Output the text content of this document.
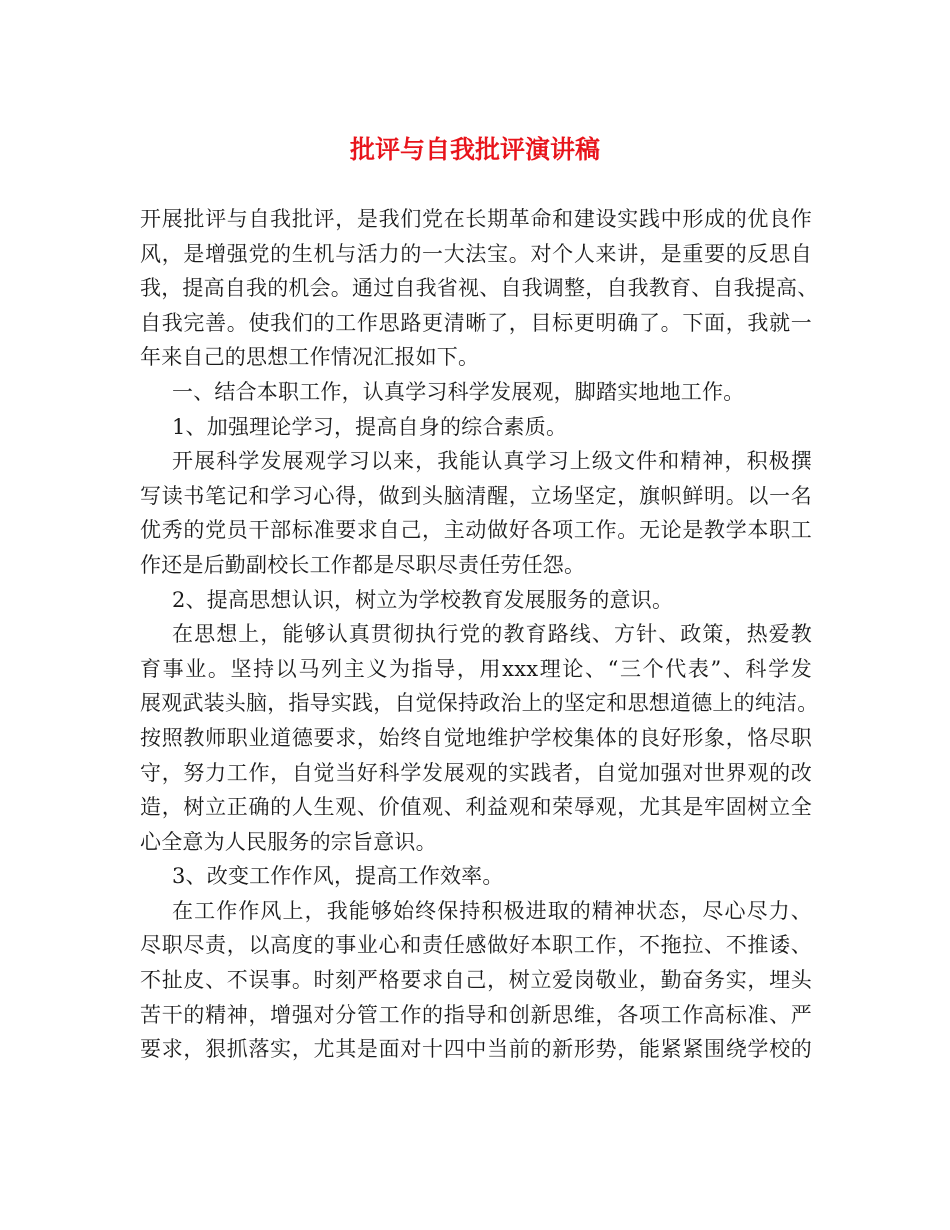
批评与自我批评演讲稿
开展批评与自我批评，是我们党在长期革命和建设实践中形成的优良作
风，是增强党的生机与活力的一大法宝。对个人来讲，是重要的反思自
我，提高自我的机会。通过自我省视、自我调整，自我教育、自我提高、
自我完善。使我们的工作思路更清晰了，目标更明确了。下面，我就一
年来自己的思想工作情况汇报如下。
一、结合本职工作，认真学习科学发展观，脚踏实地地工作。
1、加强理论学习，提高自身的综合素质。
开展科学发展观学习以来，我能认真学习上级文件和精神，积极撰
写读书笔记和学习心得，做到头脑清醒，立场坚定，旗帜鲜明。以一名
优秀的党员干部标准要求自己，主动做好各项工作。无论是教学本职工
作还是后勤副校长工作都是尽职尽责任劳任怨。
2、提高思想认识，树立为学校教育发展服务的意识。
在思想上，能够认真贯彻执行党的教育路线、方针、政策，热爱教
育事业。坚持以马列主义为指导，用xxx理论、“三个代表”、科学发
展观武装头脑，指导实践，自觉保持政治上的坚定和思想道德上的纯洁。
按照教师职业道德要求，始终自觉地维护学校集体的良好形象，恪尽职
守，努力工作，自觉当好科学发展观的实践者，自觉加强对世界观的改
造，树立正确的人生观、价值观、利益观和荣辱观，尤其是牢固树立全
心全意为人民服务的宗旨意识。
3、改变工作作风，提高工作效率。
在工作作风上，我能够始终保持积极进取的精神状态，尽心尽力、
尽职尽责，以高度的事业心和责任感做好本职工作，不拖拉、不推诿、
不扯皮、不误事。时刻严格要求自己，树立爱岗敬业，勤奋务实，埋头
苦干的精神，增强对分管工作的指导和创新思维，各项工作高标准、严
要求，狠抓落实，尤其是面对十四中当前的新形势，能紧紧围绕学校的
